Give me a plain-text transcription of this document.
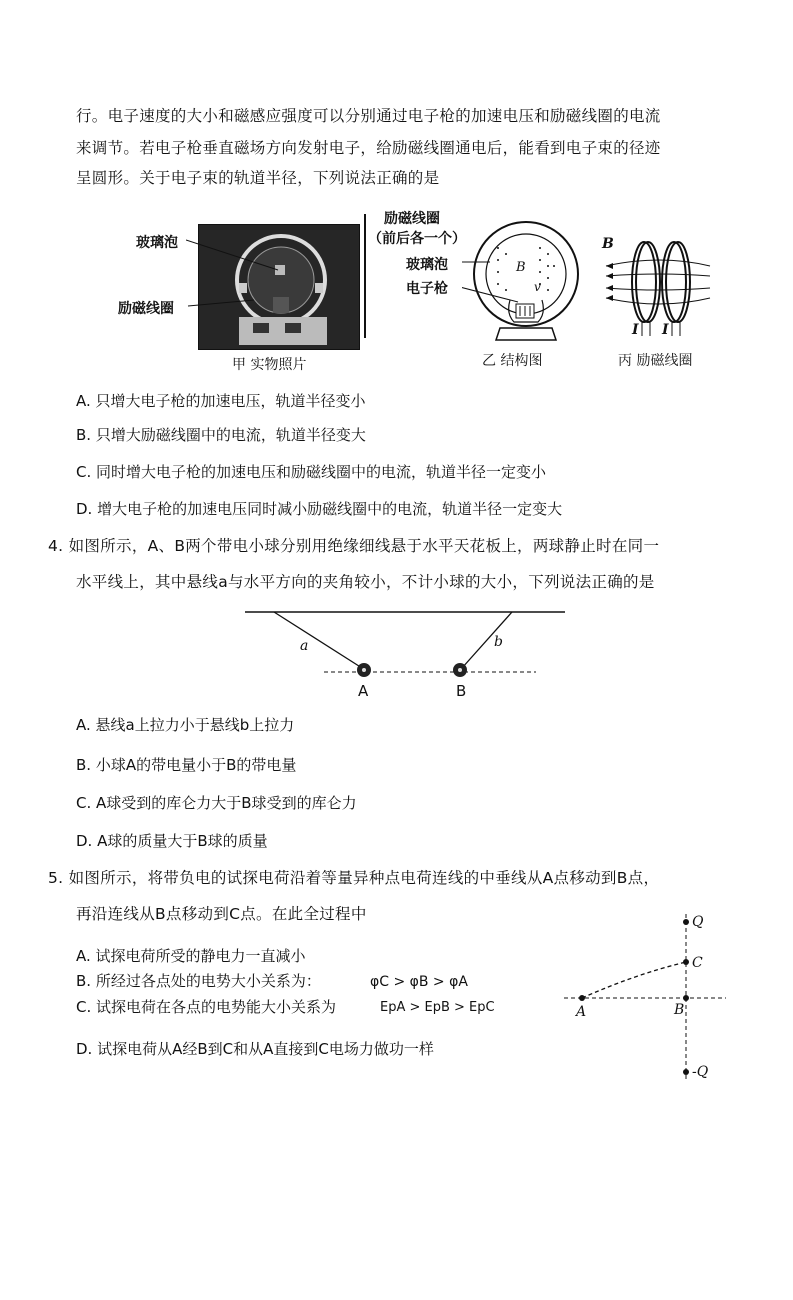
行。电子速度的大小和磁感应强度可以分别通过电子枪的加速电压和励磁线圈的电流
来调节。若电子枪垂直磁场方向发射电子，给励磁线圈通电后，能看到电子束的径迹
呈圆形。关于电子束的轨道半径，下列说法正确的是
玻璃泡
励磁线圈
甲 实物照片
励磁线圈
（前后各一个）
玻璃泡
电子枪
B
v
乙 结构图
B
I I
丙 励磁线圈
A. 只增大电子枪的加速电压，轨道半径变小
B. 只增大励磁线圈中的电流，轨道半径变大
C. 同时增大电子枪的加速电压和励磁线圈中的电流，轨道半径一定变小
D. 增大电子枪的加速电压同时减小励磁线圈中的电流，轨道半径一定变大
4. 如图所示，A、B两个带电小球分别用绝缘细线悬于水平天花板上，两球静止时在同一
水平线上，其中悬线a与水平方向的夹角较小，不计小球的大小，下列说法正确的是
a	b
A	B
A. 悬线a上拉力小于悬线b上拉力
B. 小球A的带电量小于B的带电量
C. A球受到的库仑力大于B球受到的库仑力
D. A球的质量大于B球的质量
5. 如图所示，将带负电的试探电荷沿着等量异种点电荷连线的中垂线从A点移动到B点，
再沿连线从B点移动到C点。在此全过程中
A. 试探电荷所受的静电力一直减小
B. 所经过各点处的电势大小关系为：	φC > φB > φA
C. 试探电荷在各点的电势能大小关系为	EpA > EpB > EpC
D. 试探电荷从A经B到C和从A直接到C电场力做功一样
Q
C
A	B
-Q
